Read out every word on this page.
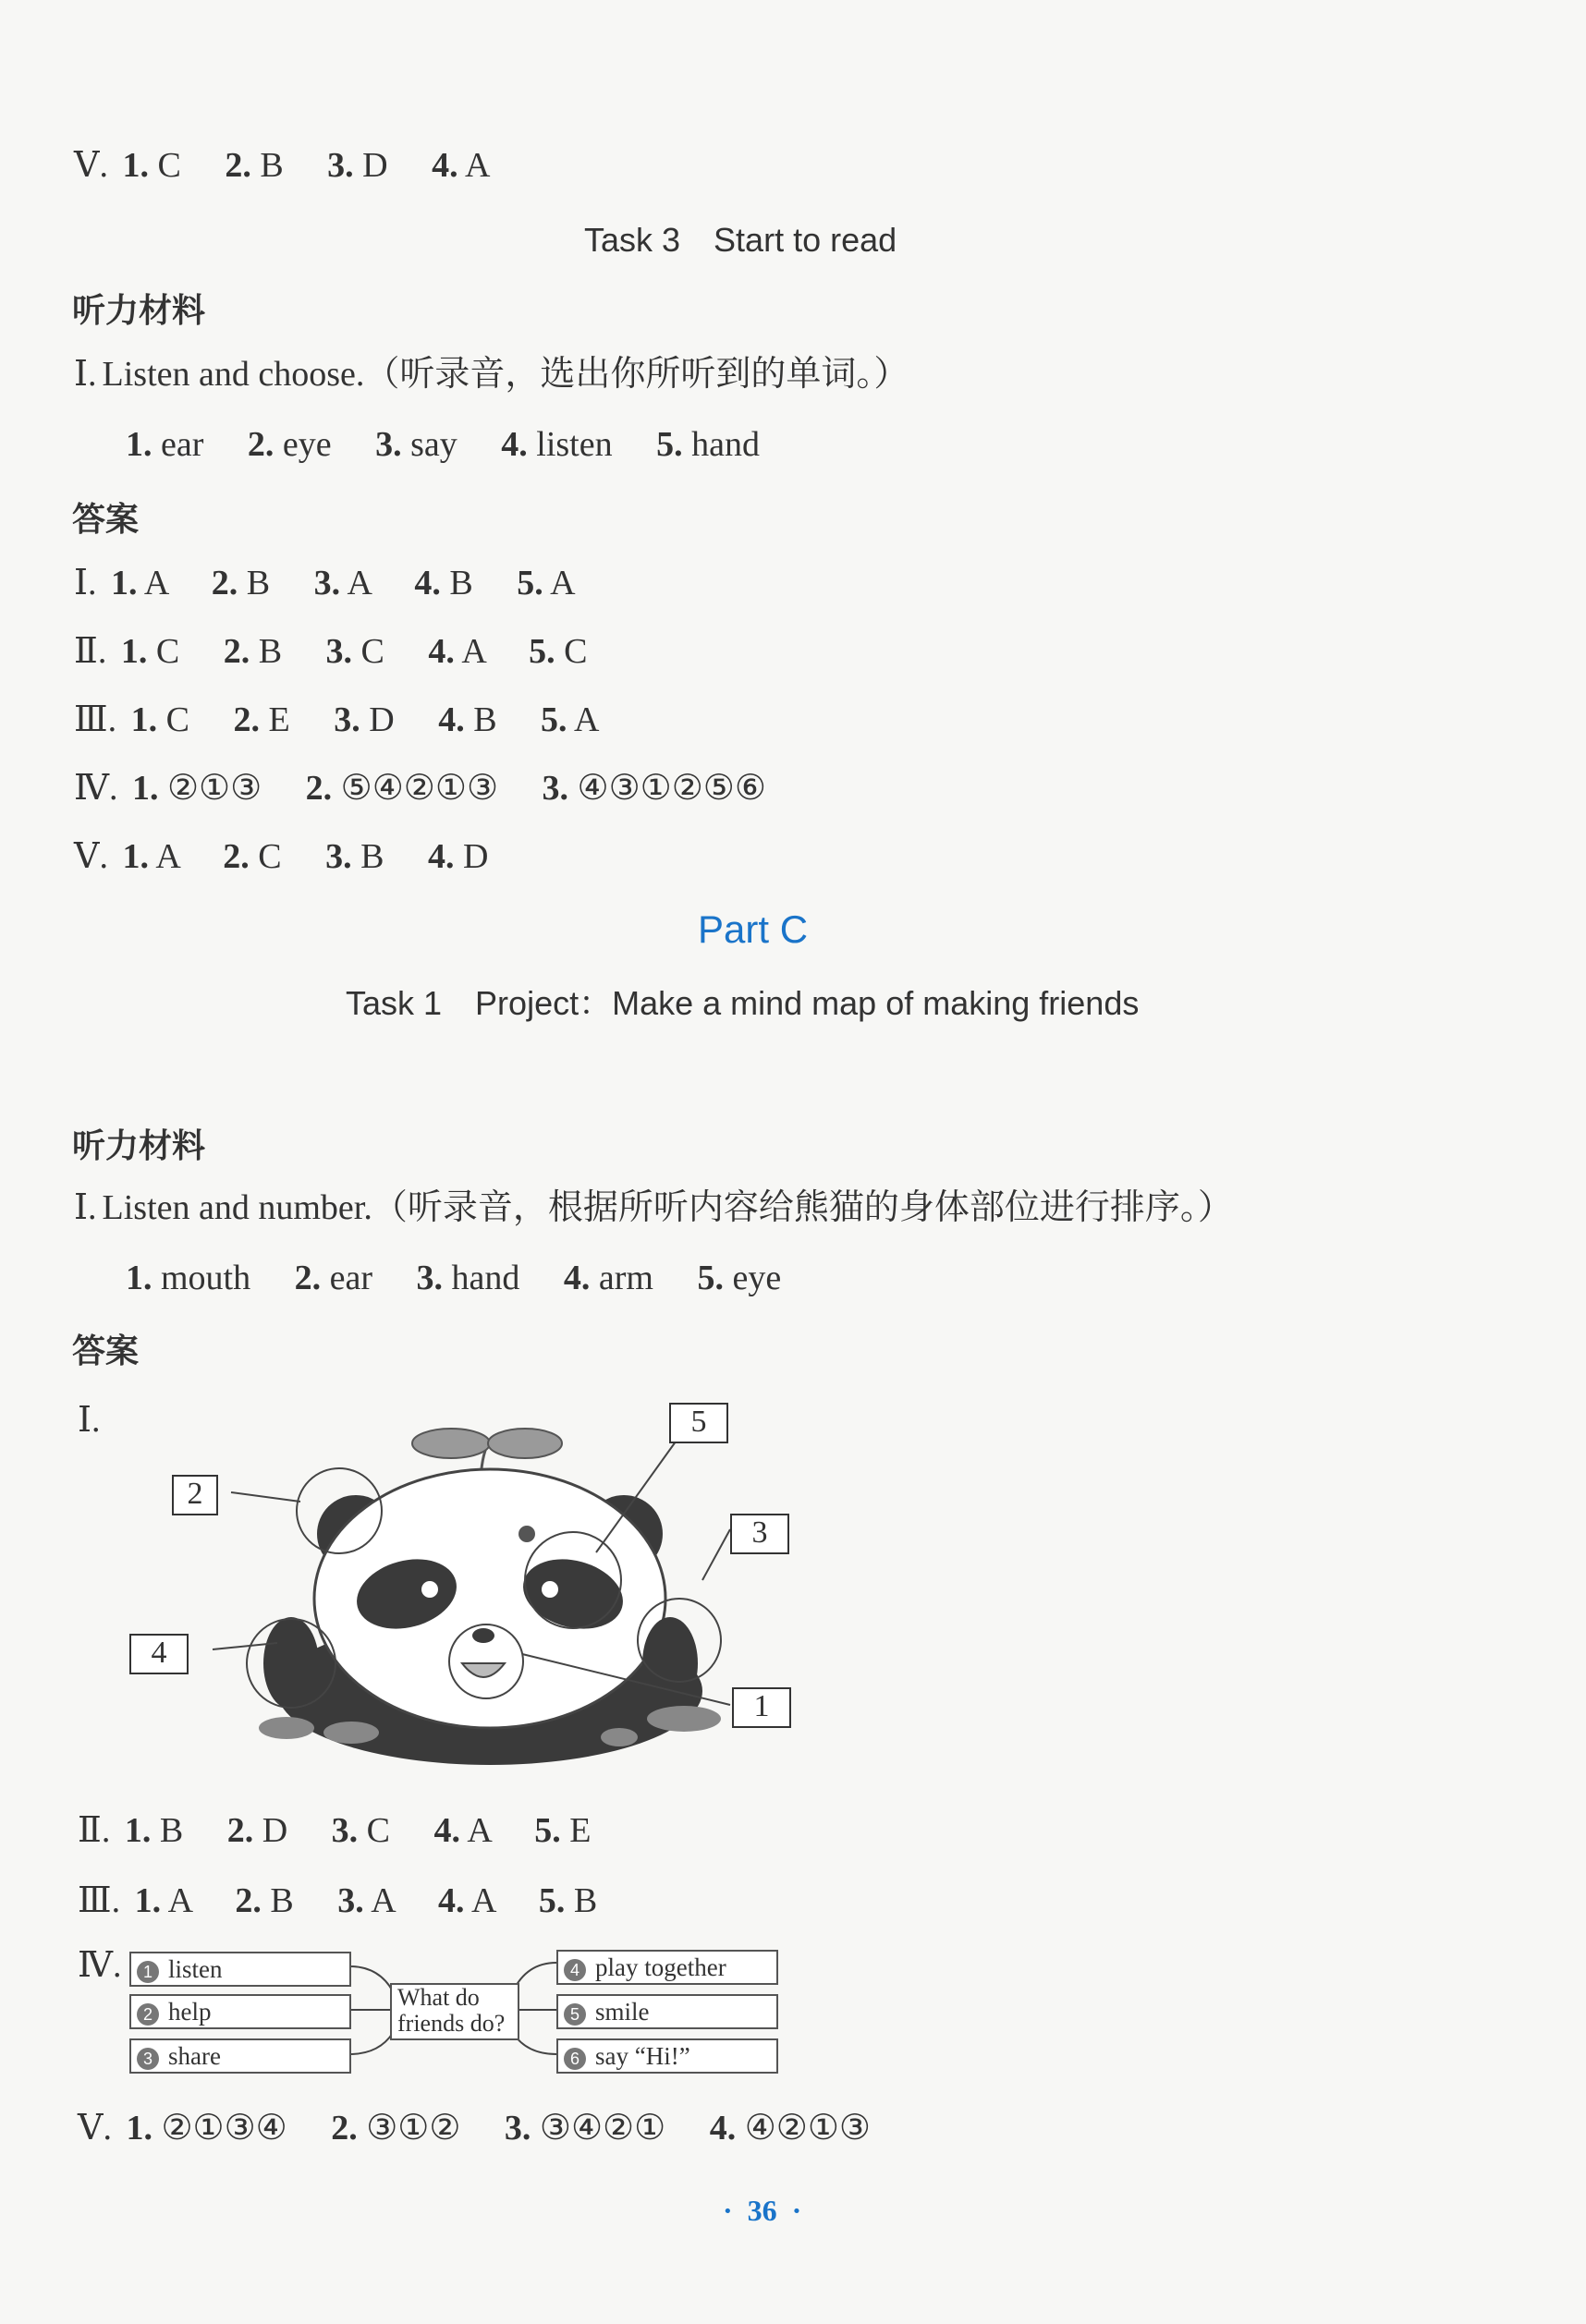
Ⅴ. 1. C 2. B 3. D 4. A
Task 3　Start to read
听力材料
Ⅰ. Listen and choose.（听录音，选出你所听到的单词。）
1. ear 2. eye 3. say 4. listen 5. hand
答案
Ⅰ. 1. A 2. B 3. A 4. B 5. A
Ⅱ. 1. C 2. B 3. C 4. A 5. C
Ⅲ. 1. C 2. E 3. D 4. B 5. A
Ⅳ. 1. ②①③ 2. ⑤④②①③ 3. ④③①②⑤⑥
Ⅴ. 1. A 2. C 3. B 4. D
Part C
Task 1　Project：Make a mind map of making friends
听力材料
Ⅰ. Listen and number.（听录音，根据所听内容给熊猫的身体部位进行排序。）
1. mouth 2. ear 3. hand 4. arm 5. eye
答案
Ⅰ.
2
5
3
4
1
Ⅱ. 1. B 2. D 3. C 4. A 5. E
Ⅲ. 1. A 2. B 3. A 4. A 5. B
Ⅳ.	1 listen
2 help
3 share
What do
friends do?
4 play together
5 smile
6 say “Hi!”
Ⅴ. 1. ②①③④ 2. ③①② 3. ③④②① 4. ④②①③
· 36 ·
